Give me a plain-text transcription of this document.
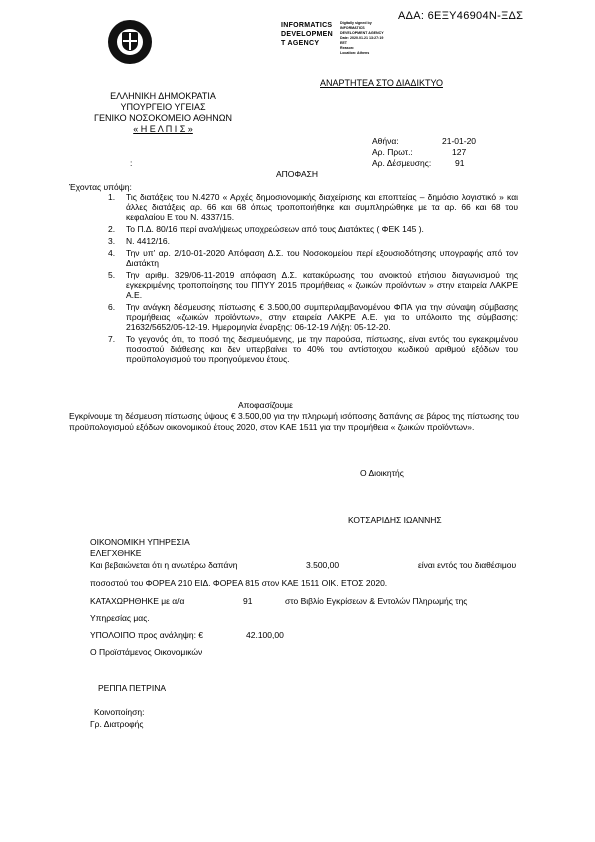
INFORMATICS
DEVELOPMEN
T AGENCY
Digitally signed by
INFORMATICS
DEVELOPMENT AGENCY
Date: 2020.01.21 13:27:19
EET
Reason:
Location: Athens
ΑΔΑ: 6ΕΞΥ46904Ν-ΞΔΣ
ΑΝΑΡΤΗΤΕΑ ΣΤΟ ΔΙΑΔΙΚΤΥΟ
ΕΛΛΗΝΙΚΗ ΔΗΜΟΚΡΑΤΙΑ
ΥΠΟΥΡΓΕΙΟ ΥΓΕΙΑΣ
ΓΕΝΙΚΟ ΝΟΣΟΚΟΜΕΙΟ ΑΘΗΝΩΝ
« Η Ε Λ Π Ι Σ »
Αθήνα:	21-01-20
Αρ. Πρωτ.:	127
Αρ. Δέσμευσης:	91
:
ΑΠΟΦΑΣΗ
Έχοντας υπόψη:
1. Τις διατάξεις του Ν.4270 « Αρχές δημοσιονομικής διαχείρισης και εποπτείας – δημόσιο λογιστικό » και άλλες διατάξεις αρ. 66 και 68 όπως τροποποιήθηκε και συμπληρώθηκε με τα αρ. 66 και 68 του κεφαλαίου Ε του Ν. 4337/15.
2. Το Π.Δ. 80/16 περί αναλήψεως υποχρεώσεων από τους Διατάκτες ( ΦΕΚ 145 ).
3. Ν. 4412/16.
4. Την υπ’ αρ. 2/10-01-2020 Απόφαση Δ.Σ. του Νοσοκομείου περί εξουσιοδότησης υπογραφής από τον Διατάκτη
5. Την αριθμ. 329/06-11-2019 απόφαση Δ.Σ. κατακύρωσης του ανοικτού ετήσιου διαγωνισμού της εγκεκριμένης τροποποίησης του ΠΠΥΥ 2015 προμήθειας « ζωικών προϊόντων » στην εταιρεία ΛΑΚΡΕ Α.Ε.
6. Την ανάγκη δέσμευσης πίστωσης € 3.500,00 συμπεριλαμβανομένου ΦΠΑ για την σύναψη σύμβασης προμήθειας «ζωικών προϊόντων», στην εταιρεία ΛΑΚΡΕ Α.Ε. για το υπόλοιπο της σύμβασης: 21632/5652/05-12-19. Ημερομηνία έναρξης: 06-12-19 Λήξη: 05-12-20.
7. Το γεγονός ότι, το ποσό της δεσμευόμενης, με την παρούσα, πίστωσης, είναι εντός του εγκεκριμένου ποσοστού διάθεσης και δεν υπερβαίνει το 40% του αντίστοιχου κωδικού αριθμού εξόδων του προϋπολογισμού του προηγούμενου έτους.
Αποφασίζουμε
Εγκρίνουμε τη δέσμευση πίστωσης ύψους € 3.500,00 για την πληρωμή ισόποσης δαπάνης σε βάρος της πίστωσης του προϋπολογισμού εξόδων οικονομικού έτους 2020, στον ΚΑΕ 1511 για την προμήθεια « ζωικών προϊόντων».
Ο Διοικητής
ΚΟΤΣΑΡΙΔΗΣ ΙΩΑΝΝΗΣ
ΟΙΚΟΝΟΜΙΚΗ ΥΠΗΡΕΣΙΑ
ΕΛΕΓΧΘΗΚΕ
Και βεβαιώνεται ότι η ανωτέρω δαπάνη	3.500,00	είναι εντός του διαθέσιμου
ποσοστού του ΦΟΡΕΑ 210 ΕΙΔ. ΦΟΡΕΑ 815 στον ΚΑΕ 1511 ΟΙΚ. ΕΤΟΣ 2020.
ΚΑΤΑΧΩΡΗΘΗΚΕ με α/α	91	στο Βιβλίο Εγκρίσεων & Εντολών Πληρωμής της
Υπηρεσίας μας.
ΥΠΟΛΟΙΠΟ προς ανάληψη: €	42.100,00
Ο Προϊστάμενος Οικονομικών
ΡΕΠΠΑ ΠΕΤΡΙΝΑ
Κοινοποίηση:
Γρ. Διατροφής
